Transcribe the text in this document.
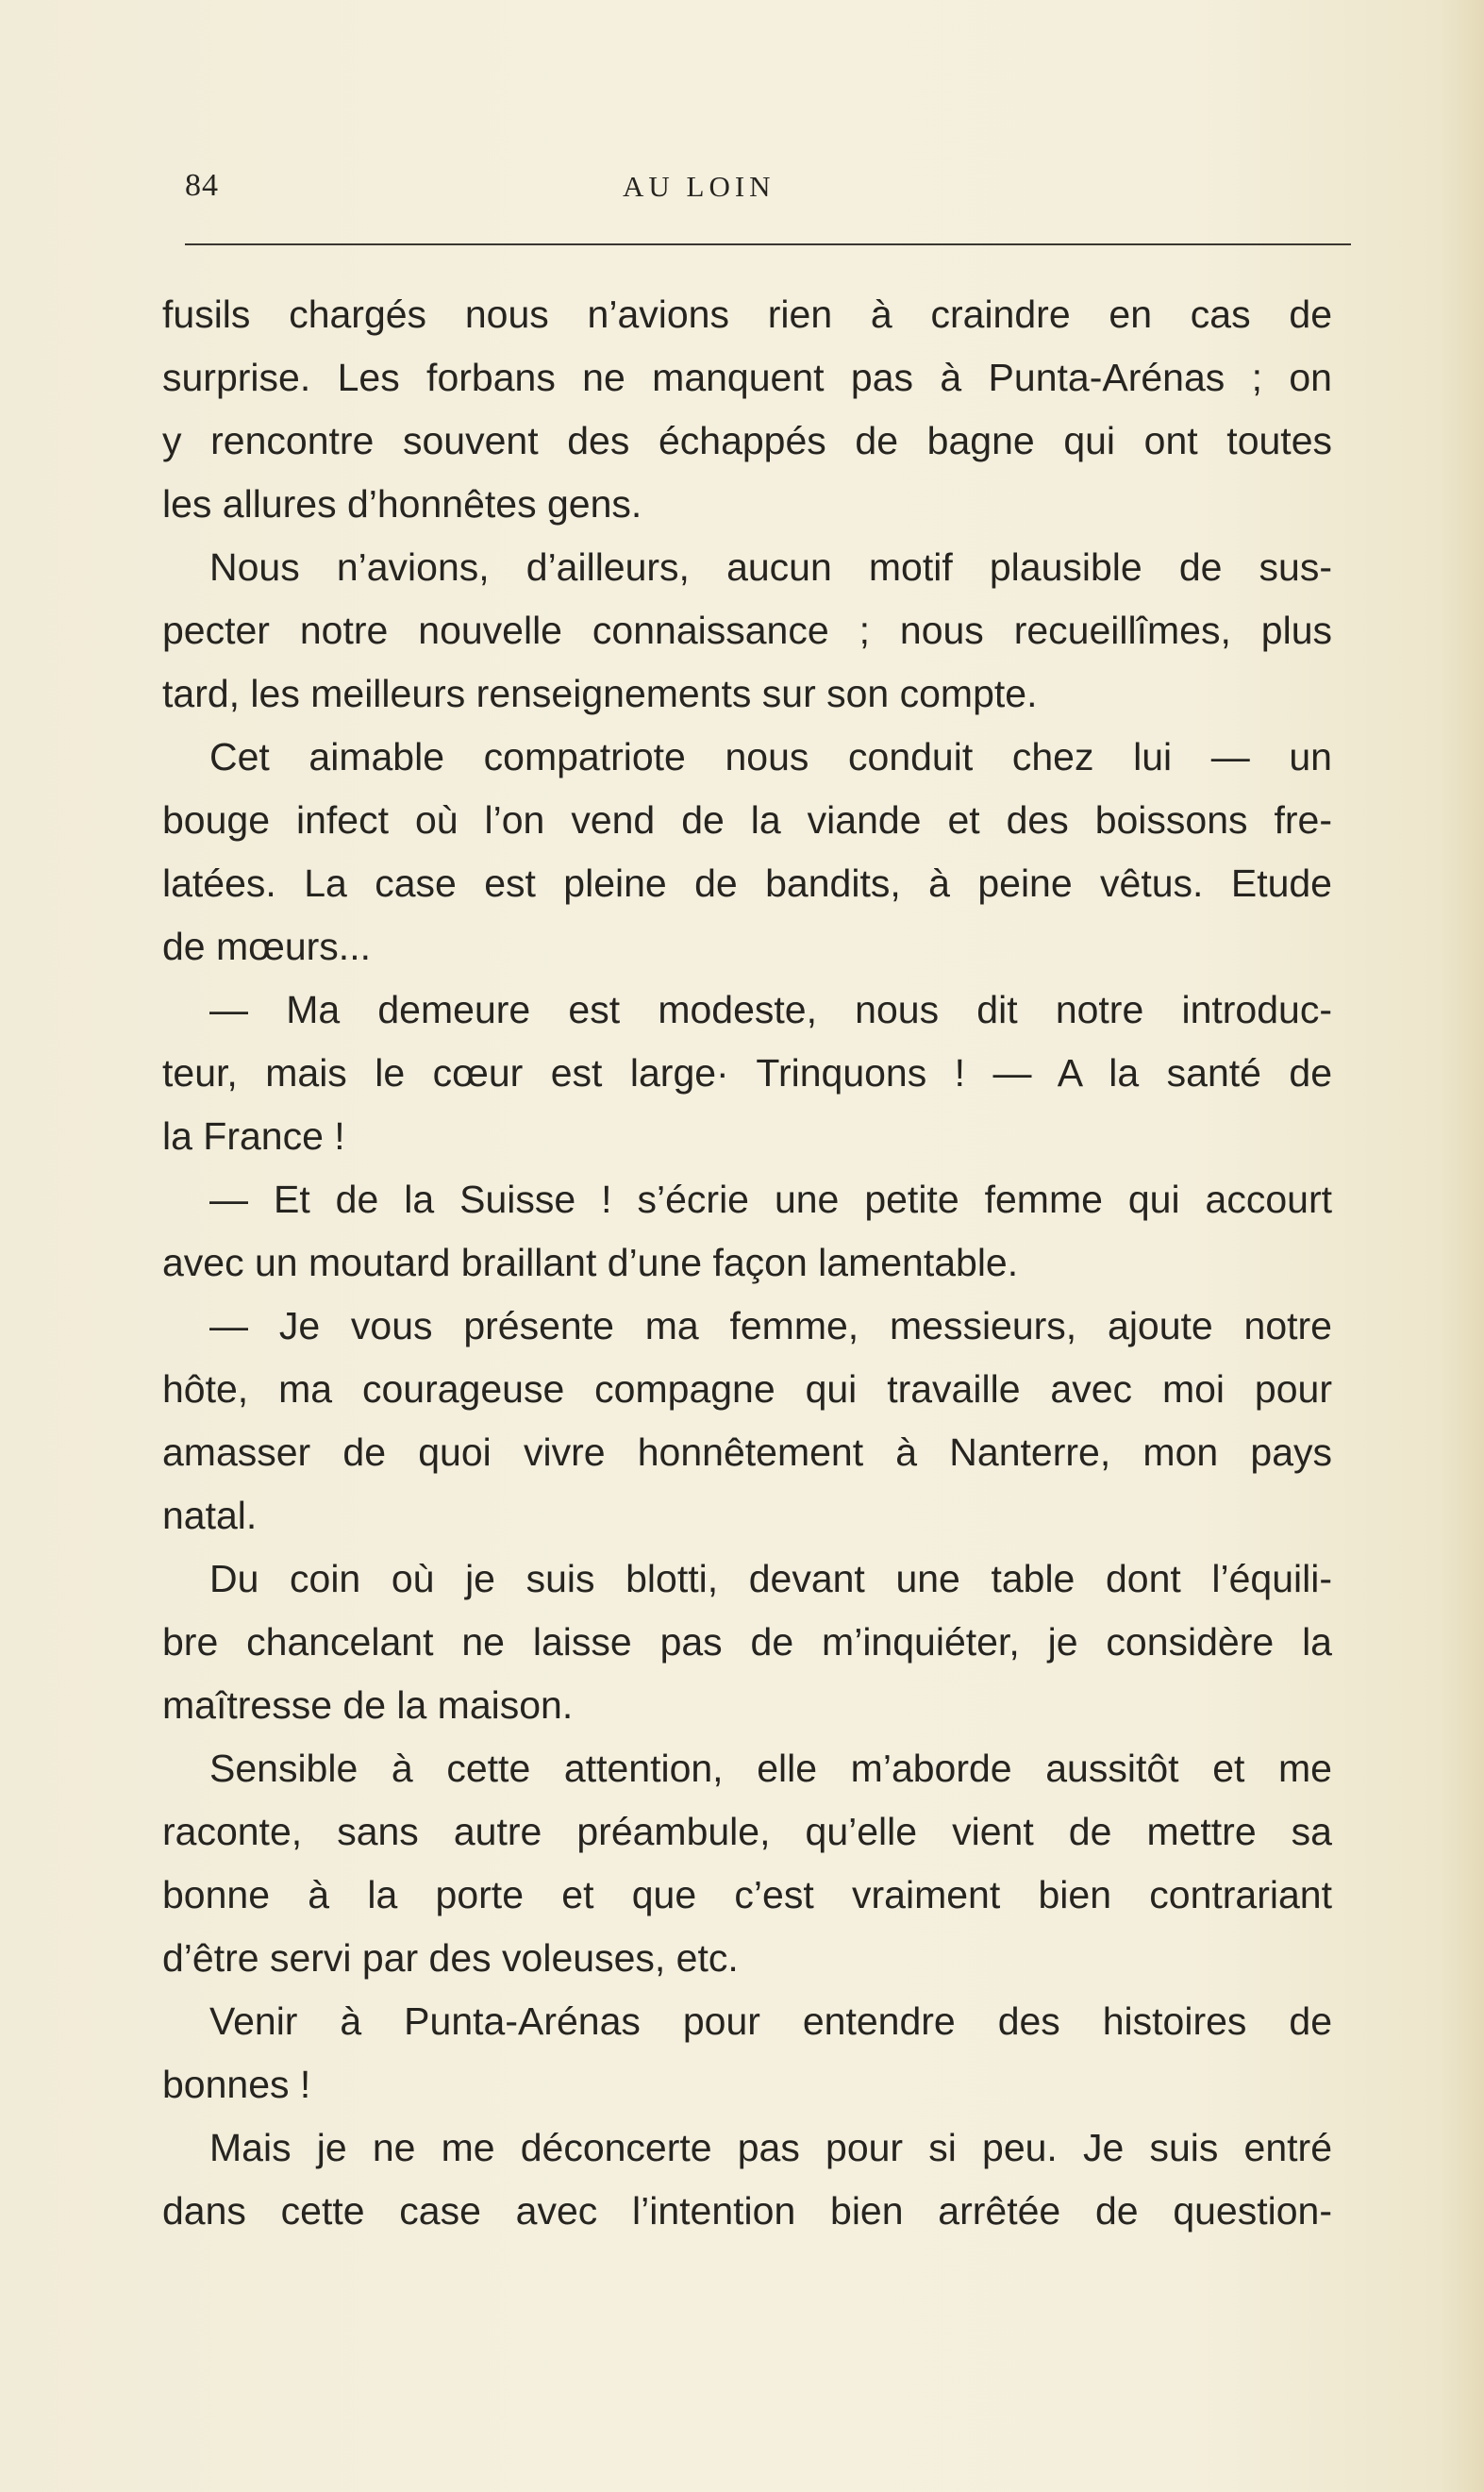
84	AU LOIN
fusils chargés nous n’avions rien à craindre en cas de
surprise. Les forbans ne manquent pas à Punta-Arénas ; on
y rencontre souvent des échappés de bagne qui ont toutes
les allures d’honnêtes gens.
Nous n’avions, d’ailleurs, aucun motif plausible de sus-
pecter notre nouvelle connaissance ; nous recueillîmes, plus
tard, les meilleurs renseignements sur son compte.
Cet aimable compatriote nous conduit chez lui — un
bouge infect où l’on vend de la viande et des boissons fre-
latées. La case est pleine de bandits, à peine vêtus. Etude
de mœurs...
— Ma demeure est modeste, nous dit notre introduc-
teur, mais le cœur est large· Trinquons ! — A la santé de
la France !
— Et de la Suisse ! s’écrie une petite femme qui accourt
avec un moutard braillant d’une façon lamentable.
— Je vous présente ma femme, messieurs, ajoute notre
hôte, ma courageuse compagne qui travaille avec moi pour
amasser de quoi vivre honnêtement à Nanterre, mon pays
natal.
Du coin où je suis blotti, devant une table dont l’équili-
bre chancelant ne laisse pas de m’inquiéter, je considère la
maîtresse de la maison.
Sensible à cette attention, elle m’aborde aussitôt et me
raconte, sans autre préambule, qu’elle vient de mettre sa
bonne à la porte et que c’est vraiment bien contrariant
d’être servi par des voleuses, etc.
Venir à Punta-Arénas pour entendre des histoires de
bonnes !
Mais je ne me déconcerte pas pour si peu. Je suis entré
dans cette case avec l’intention bien arrêtée de question-
